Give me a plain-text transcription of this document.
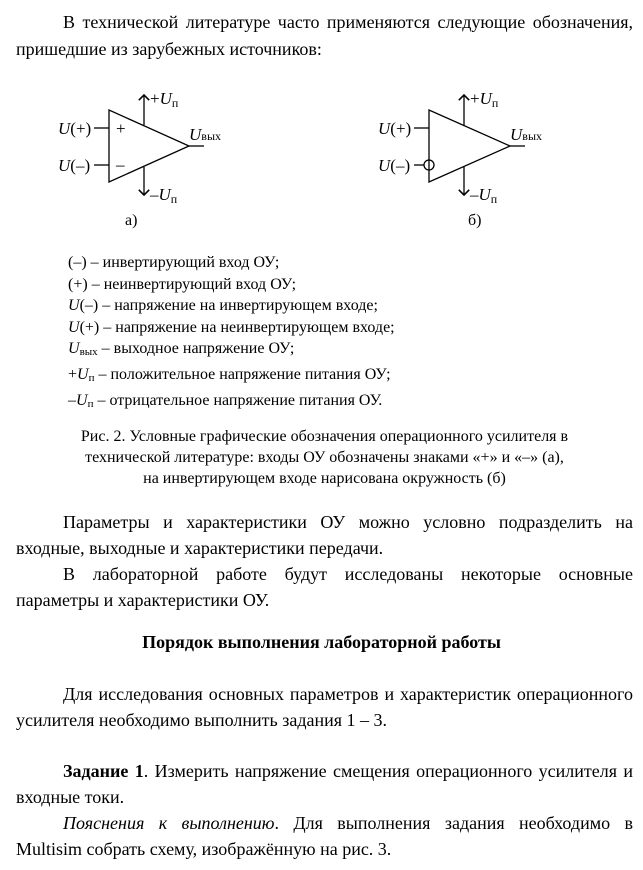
В технической литературе часто применяются следующие обозначения, пришедшие из зарубежных источников:
U(+)
U(–)
+
–
Uвых
+Uп
–Uп
а)
U(+)
U(–)
Uвых
+Uп
–Uп
б)
(–) – инвертирующий вход ОУ;
(+) – неинвертирующий вход ОУ;
U(–) – напряжение на инвертирующем входе;
U(+) – напряжение на неинвертирующем входе;
$U_{вых}$ – выходное напряжение ОУ;
$+U_п$ – положительное напряжение питания ОУ;
$-U_п$ – отрицательное напряжение питания ОУ.
Рис. 2. Условные графические обозначения операционного усилителя в
технической литературе: входы ОУ обозначены знаками «+» и «–» (а),
на инвертирующем входе нарисована окружность (б)
Параметры и характеристики ОУ можно условно подразделить на входные, выходные и характеристики передачи.
В лабораторной работе будут исследованы некоторые основные параметры и характеристики ОУ.
Порядок выполнения лабораторной работы
Для исследования основных параметров и характеристик операционного усилителя необходимо выполнить задания 1 – 3.
Задание 1. Измерить напряжение смещения операционного усилителя и входные токи.
Пояснения к выполнению. Для выполнения задания необходимо в Multisim собрать схему, изображённую на рис. 3.
